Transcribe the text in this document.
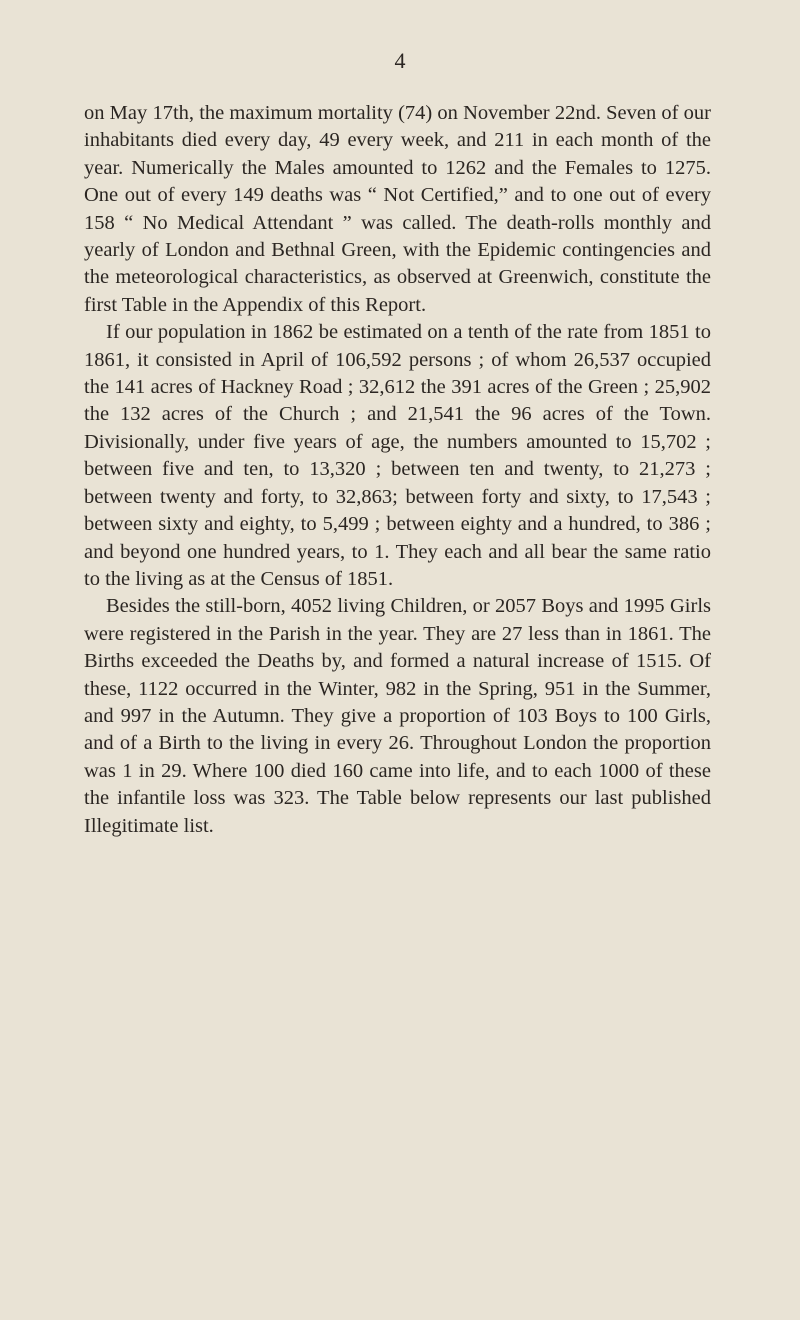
4

on May 17th, the maximum mortality (74) on November 22nd. Seven of our inhabitants died every day, 49 every week, and 211 in each month of the year. Numerically the Males amounted to 1262 and the Females to 1275. One out of every 149 deaths was “ Not Certified,” and to one out of every 158 “ No Medical Attendant ” was called. The death-rolls monthly and yearly of London and Bethnal Green, with the Epidemic contingencies and the meteorological characteristics, as observed at Greenwich, constitute the first Table in the Appendix of this Report.

If our population in 1862 be estimated on a tenth of the rate from 1851 to 1861, it consisted in April of 106,592 persons ; of whom 26,537 occupied the 141 acres of Hackney Road ; 32,612 the 391 acres of the Green ; 25,902 the 132 acres of the Church ; and 21,541 the 96 acres of the Town. Divisionally, under five years of age, the numbers amounted to 15,702 ; between five and ten, to 13,320 ; between ten and twenty, to 21,273 ; between twenty and forty, to 32,863; between forty and sixty, to 17,543 ; between sixty and eighty, to 5,499 ; between eighty and a hundred, to 386 ; and beyond one hundred years, to 1. They each and all bear the same ratio to the living as at the Census of 1851.

Besides the still-born, 4052 living Children, or 2057 Boys and 1995 Girls were registered in the Parish in the year. They are 27 less than in 1861. The Births exceeded the Deaths by, and formed a natural increase of 1515. Of these, 1122 occurred in the Winter, 982 in the Spring, 951 in the Summer, and 997 in the Autumn. They give a proportion of 103 Boys to 100 Girls, and of a Birth to the living in every 26. Throughout London the proportion was 1 in 29. Where 100 died 160 came into life, and to each 1000 of these the infantile loss was 323. The Table below represents our last published Illegitimate list.
